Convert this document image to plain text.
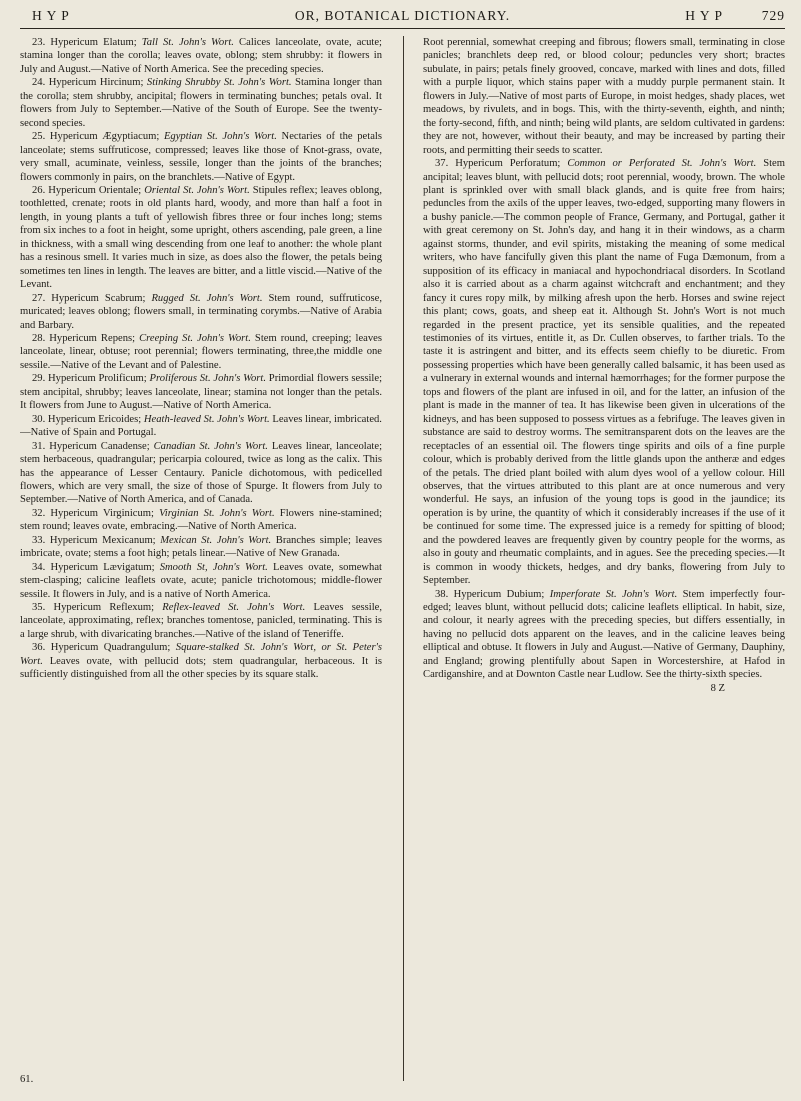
H Y P	OR, BOTANICAL DICTIONARY.	H Y P	729

23. Hypericum Elatum; Tall St. John's Wort. Calices lanceolate, ovate, acute; stamina longer than the corolla; leaves ovate, oblong; stem shrubby: it flowers in July and August.—Native of North America. See the preceding species.

24. Hypericum Hircinum; Stinking Shrubby St. John's Wort. Stamina longer than the corolla; stem shrubby, ancipital; flowers in terminating bunches; petals oval. It flowers from July to September.—Native of the South of Europe. See the twenty-second species.

25. Hypericum Ægyptiacum; Egyptian St. John's Wort. Nectaries of the petals lanceolate; stems suffruticose, compressed; leaves like those of Knot-grass, ovate, very small, acuminate, veinless, sessile, longer than the joints of the branches; flowers commonly in pairs, on the branchlets.—Native of Egypt.

26. Hypericum Orientale; Oriental St. John's Wort. Stipules reflex; leaves oblong, toothletted, crenate; roots in old plants hard, woody, and more than half a foot in length, in young plants a tuft of yellowish fibres three or four inches long; stems from six inches to a foot in height, some upright, others ascending, pale green, a line in thickness, with a small wing descending from one leaf to another: the whole plant has a resinous smell. It varies much in size, as does also the flower, the petals being sometimes ten lines in length. The leaves are bitter, and a little viscid.—Native of the Levant.

27. Hypericum Scabrum; Rugged St. John's Wort. Stem round, suffruticose, muricated; leaves oblong; flowers small, in terminating corymbs.—Native of Arabia and Barbary.

28. Hypericum Repens; Creeping St. John's Wort. Stem round, creeping; leaves lanceolate, linear, obtuse; root perennial; flowers terminating, three,the middle one sessile.—Native of the Levant and of Palestine.

29. Hypericum Prolificum; Proliferous St. John's Wort. Primordial flowers sessile; stem ancipital, shrubby; leaves lanceolate, linear; stamina not longer than the petals. It flowers from June to August.—Native of North America.

30. Hypericum Ericoides; Heath-leaved St. John's Wort. Leaves linear, imbricated.—Native of Spain and Portugal.

31. Hypericum Canadense; Canadian St. John's Wort. Leaves linear, lanceolate; stem herbaceous, quadrangular; pericarpia coloured, twice as long as the calix. This has the appearance of Lesser Centaury. Panicle dichotomous, with pedicelled flowers, which are very small, the size of those of Spurge. It flowers from July to September.—Native of North America, and of Canada.

32. Hypericum Virginicum; Virginian St. John's Wort. Flowers nine-stamined; stem round; leaves ovate, embracing.—Native of North America.

33. Hypericum Mexicanum; Mexican St. John's Wort. Branches simple; leaves imbricate, ovate; stems a foot high; petals linear.—Native of New Granada.

34. Hypericum Lævigatum; Smooth St, John's Wort. Leaves ovate, somewhat stem-clasping; calicine leaflets ovate, acute; panicle trichotomous; middle-flower sessile. It flowers in July, and is a native of North America.

35. Hypericum Reflexum; Reflex-leaved St. John's Wort. Leaves sessile, lanceolate, approximating, reflex; branches tomentose, panicled, terminating. This is a large shrub, with divaricating branches.—Native of the island of Teneriffe.

36. Hypericum Quadrangulum; Square-stalked St. John's Wort, or St. Peter's Wort. Leaves ovate, with pellucid dots; stem quadrangular, herbaceous. It is sufficiently distinguished from all the other species by its square stalk.

61.

Root perennial, somewhat creeping and fibrous; flowers small, terminating in close panicles; branchlets deep red, or blood colour; peduncles very short; bractes subulate, in pairs; petals finely grooved, concave, marked with lines and dots, filled with a purple liquor, which stains paper with a muddy purple permanent stain. It flowers in July.—Native of most parts of Europe, in moist hedges, shady places, wet meadows, by rivulets, and in bogs. This, with the thirty-seventh, eighth, and ninth; the forty-second, fifth, and ninth; being wild plants, are seldom cultivated in gardens: they are not, however, without their beauty, and may be increased by parting their roots, and permitting their seeds to scatter.

37. Hypericum Perforatum; Common or Perforated St. John's Wort. Stem ancipital; leaves blunt, with pellucid dots; root perennial, woody, brown. The whole plant is sprinkled over with small black glands, and is quite free from hairs; peduncles from the axils of the upper leaves, two-edged, supporting many flowers in a bushy panicle.—The common people of France, Germany, and Portugal, gather it with great ceremony on St. John's day, and hang it in their windows, as a charm against storms, thunder, and evil spirits, mistaking the meaning of some medical writers, who have fancifully given this plant the name of Fuga Dæmonum, from a supposition of its efficacy in maniacal and hypochondriacal disorders. In Scotland also it is carried about as a charm against witchcraft and enchantment; and they fancy it cures ropy milk, by milking afresh upon the herb. Horses and swine reject this plant; cows, goats, and sheep eat it. Although St. John's Wort is not much regarded in the present practice, yet its sensible qualities, and the repeated testimonies of its virtues, entitle it, as Dr. Cullen observes, to farther trials. To the taste it is astringent and bitter, and its effects seem chiefly to be diuretic. From possessing properties which have been generally called balsamic, it has been used as a vulnerary in external wounds and internal hæmorrhages; for the former purpose the tops and flowers of the plant are infused in oil, and for the latter, an infusion of the plant is made in the manner of tea. It has likewise been given in ulcerations of the kidneys, and has been supposed to possess virtues as a febrifuge. The leaves given in substance are said to destroy worms. The semitransparent dots on the leaves are the receptacles of an essential oil. The flowers tinge spirits and oils of a fine purple colour, which is probably derived from the little glands upon the antheræ and edges of the petals. The dried plant boiled with alum dyes wool of a yellow colour. Hill observes, that the virtues attributed to this plant are at once numerous and very wonderful. He says, an infusion of the young tops is good in the jaundice; its operation is by urine, the quantity of which it considerably increases if the use of it be continued for some time. The expressed juice is a remedy for spitting of blood; and the powdered leaves are frequently given by country people for the worms, as also in gouty and rheumatic complaints, and in agues. See the preceding species.—It is common in woody thickets, hedges, and dry banks, flowering from July to September.

38. Hypericum Dubium; Imperforate St. John's Wort. Stem imperfectly four-edged; leaves blunt, without pellucid dots; calicine leaflets elliptical. In habit, size, and colour, it nearly agrees with the preceding species, but differs essentially, in having no pellucid dots apparent on the leaves, and in the calicine leaves being elliptical and obtuse. It flowers in July and August.—Native of Germany, Dauphiny, and England; growing plentifully about Sapen in Worcestershire, at Hafod in Cardiganshire, and at Downton Castle near Ludlow. See the thirty-sixth species.

8 Z
